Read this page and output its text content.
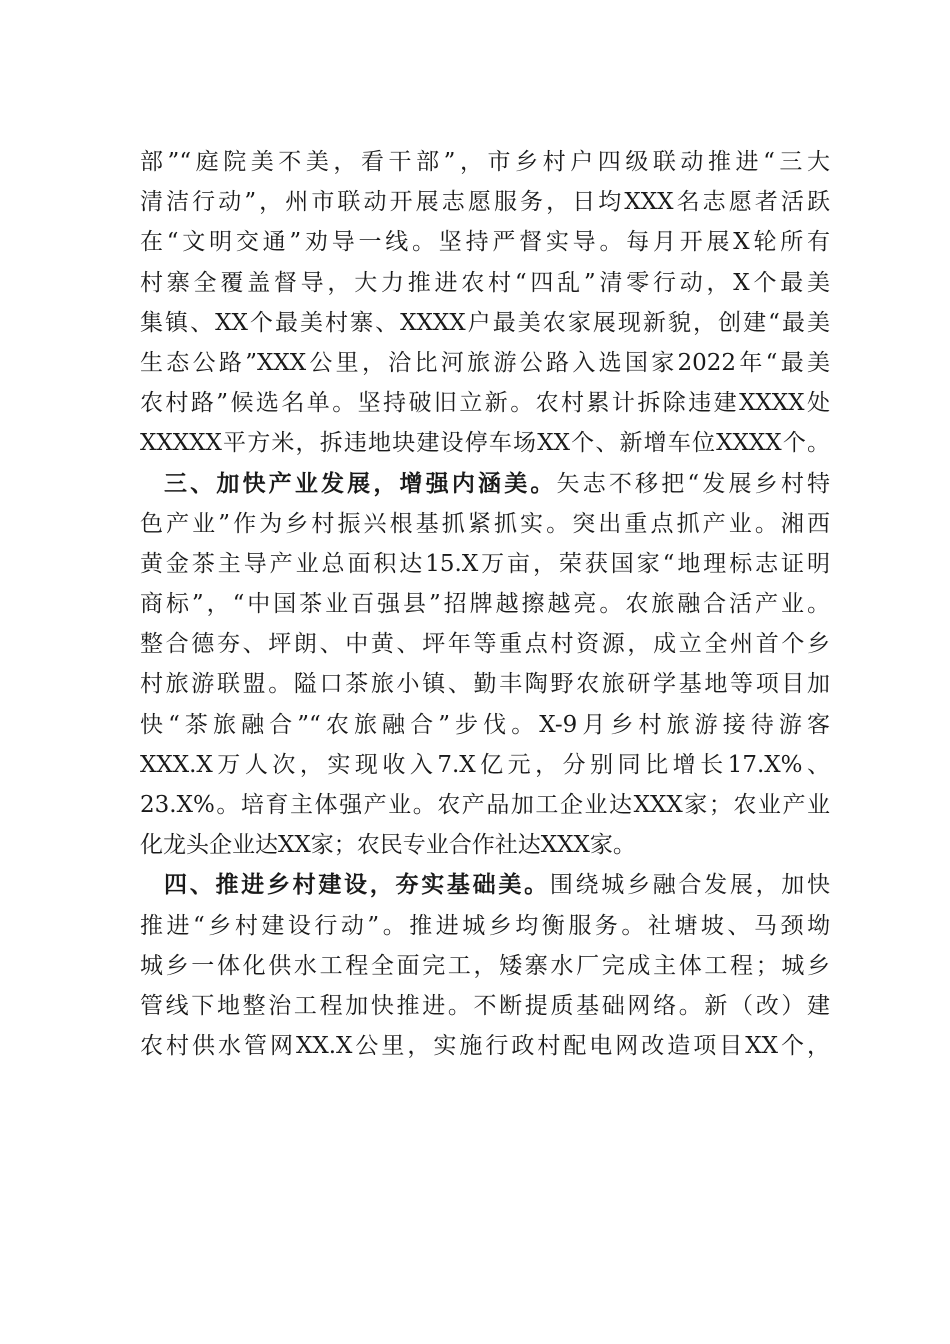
部”“庭院美不美，看干部”，市乡村户四级联动推进“三大
清洁行动”，州市联动开展志愿服务，日均XXX名志愿者活跃
在“文明交通”劝导一线。坚持严督实导。每月开展X轮所有
村寨全覆盖督导，大力推进农村“四乱”清零行动，X个最美
集镇、XX个最美村寨、XXXX户最美农家展现新貌，创建“最美
生态公路”XXX公里，洽比河旅游公路入选国家2022年“最美
农村路”候选名单。坚持破旧立新。农村累计拆除违建XXXX处
XXXXX平方米，拆违地块建设停车场XX个、新增车位XXXX个。
三、加快产业发展，增强内涵美。矢志不移把“发展乡村特
色产业”作为乡村振兴根基抓紧抓实。突出重点抓产业。湘西
黄金茶主导产业总面积达15.X万亩，荣获国家“地理标志证明
商标”，“中国茶业百强县”招牌越擦越亮。农旅融合活产业。
整合德夯、坪朗、中黄、坪年等重点村资源，成立全州首个乡
村旅游联盟。隘口茶旅小镇、勤丰陶野农旅研学基地等项目加
快“茶旅融合”“农旅融合”步伐。X-9月乡村旅游接待游客
XXX.X万人次，实现收入7.X亿元，分别同比增长17.X%、
23.X%。培育主体强产业。农产品加工企业达XXX家；农业产业
化龙头企业达XX家；农民专业合作社达XXX家。
四、推进乡村建设，夯实基础美。围绕城乡融合发展，加快
推进“乡村建设行动”。推进城乡均衡服务。社塘坡、马颈坳
城乡一体化供水工程全面完工，矮寨水厂完成主体工程；城乡
管线下地整治工程加快推进。不断提质基础网络。新（改）建
农村供水管网XX.X公里，实施行政村配电网改造项目XX个，
